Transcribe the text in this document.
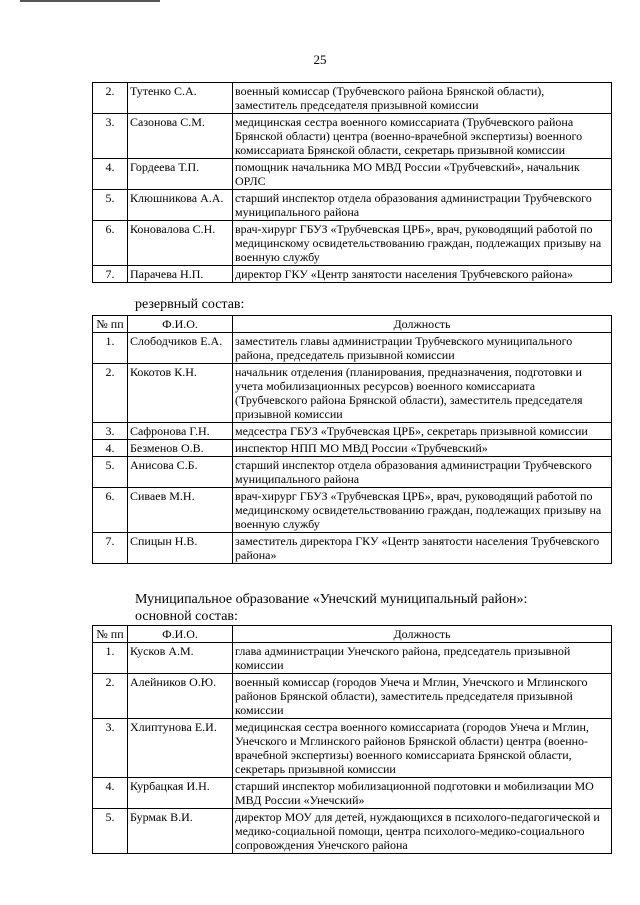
25
2.	Тутенко С.А.	военный комиссар (Трубчевского района Брянской области), заместитель председателя призывной комиссии
3.	Сазонова С.М.	медицинская сестра военного комиссариата (Трубчевского района Брянской области) центра (военно-врачебной экспертизы) военного комиссариата Брянской области, секретарь призывной комиссии
4.	Гордеева Т.П.	помощник начальника МО МВД России «Трубчевский», начальник ОРЛС
5.	Клюшникова А.А.	старший инспектор отдела образования администрации Трубчевского муниципального района
6.	Коновалова С.Н.	врач-хирург ГБУЗ «Трубчевская ЦРБ», врач, руководящий работой по медицинскому освидетельствованию граждан, подлежащих призыву на военную службу
7.	Парачева Н.П.	директор ГКУ «Центр занятости населения Трубчевского района»
резервный состав:
№ пп	Ф.И.О.	Должность
1.	Слободчиков Е.А.	заместитель главы администрации Трубчевского муниципального района, председатель призывной комиссии
2.	Кокотов К.Н.	начальник отделения (планирования, предназначения, подготовки и учета мобилизационных ресурсов) военного комиссариата (Трубчевского района Брянской области), заместитель председателя призывной комиссии
3.	Сафронова Г.Н.	медсестра ГБУЗ «Трубчевская ЦРБ», секретарь призывной комиссии
4.	Безменов О.В.	инспектор НПП МО МВД России «Трубчевский»
5.	Анисова С.Б.	старший инспектор отдела образования администрации Трубчевского муниципального района
6.	Сиваев М.Н.	врач-хирург ГБУЗ «Трубчевская ЦРБ», врач, руководящий работой по медицинскому освидетельствованию граждан, подлежащих призыву на военную службу
7.	Спицын Н.В.	заместитель директора ГКУ «Центр занятости населения Трубчевского района»
Муниципальное образование «Унечский муниципальный район»:
основной состав:
№ пп	Ф.И.О.	Должность
1.	Кусков А.М.	глава администрации Унечского района, председатель призывной комиссии
2.	Алейников О.Ю.	военный комиссар (городов Унеча и Мглин, Унечского и Мглинского районов Брянской области), заместитель председателя призывной комиссии
3.	Хлиптунова Е.И.	медицинская сестра военного комиссариата (городов Унеча и Мглин, Унечского и Мглинского районов Брянской области) центра (военно-врачебной экспертизы) военного комиссариата Брянской области, секретарь призывной комиссии
4.	Курбацкая И.Н.	старший инспектор мобилизационной подготовки и мобилизации МО МВД России «Унечский»
5.	Бурмак В.И.	директор МОУ для детей, нуждающихся в психолого-педагогической и медико-социальной помощи, центра психолого-медико-социального сопровождения Унечского района
